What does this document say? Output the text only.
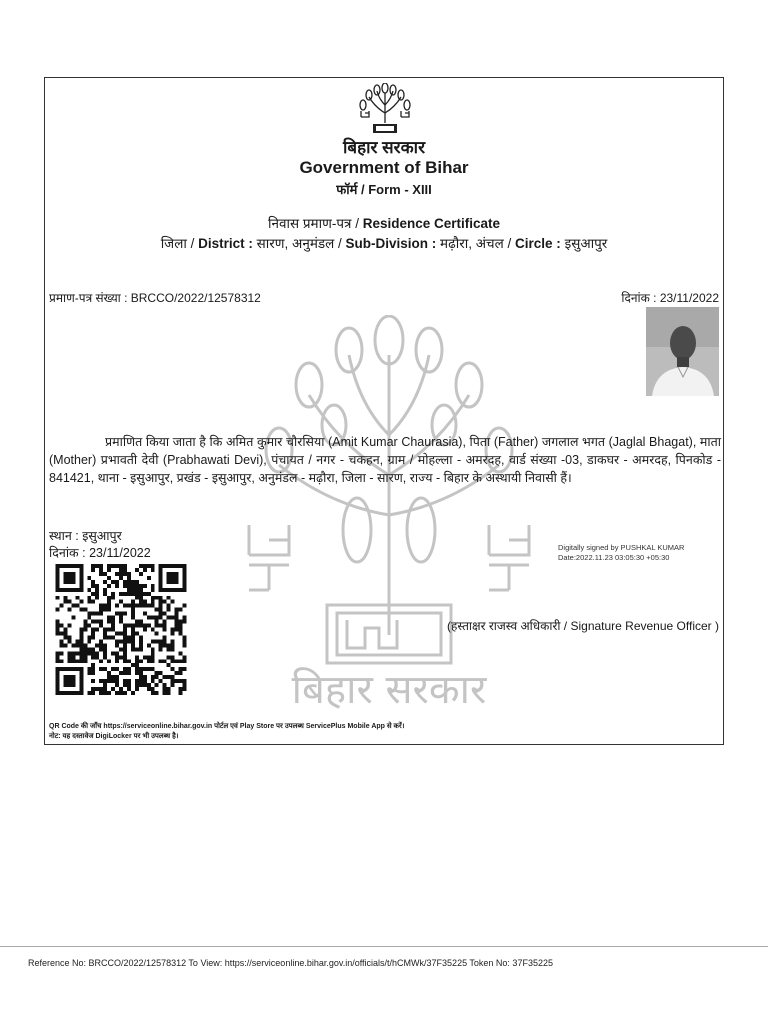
बिहार सरकार
Government of Bihar
फॉर्म / Form - XIII
निवास प्रमाण-पत्र / Residence Certificate
जिला / District : सारण, अनुमंडल / Sub-Division : मढ़ौरा, अंचल / Circle : इसुआपुर
प्रमाण-पत्र संख्या : BRCCO/2022/12578312	दिनांक : 23/11/2022
बिहार सरकार
प्रमाणित किया जाता है कि अमित कुमार चौरसिया (Amit Kumar Chaurasia), पिता (Father) जगलाल भगत (Jaglal Bhagat), माता (Mother) प्रभावती देवी (Prabhawati Devi), पंचायत / नगर - चकहन, ग्राम / मोहल्ला - अमरदह, वार्ड संख्या -03, डाकघर - अमरदह, पिनकोड - 841421, थाना - इसुआपुर, प्रखंड - इसुआपुर, अनुमंडल - मढ़ौरा, जिला - सारण, राज्य - बिहार के अस्थायी निवासी हैं।
स्थान : इसुआपुर
दिनांक : 23/11/2022	Digitally signed by PUSHKAL KUMAR
Date:2022.11.23 03:05:30 +05:30
(हस्ताक्षर राजस्व अधिकारी / Signature Revenue Officer )
QR Code की जाँच https://serviceonline.bihar.gov.in पोर्टल एवं Play Store पर उपलब्ध ServicePlus Mobile App से करें।
नोट: यह दस्तावेज DigiLocker पर भी उपलब्ध है।
Reference No: BRCCO/2022/12578312 To View: https://serviceonline.bihar.gov.in/officials/t/hCMWk/37F35225 Token No: 37F35225
